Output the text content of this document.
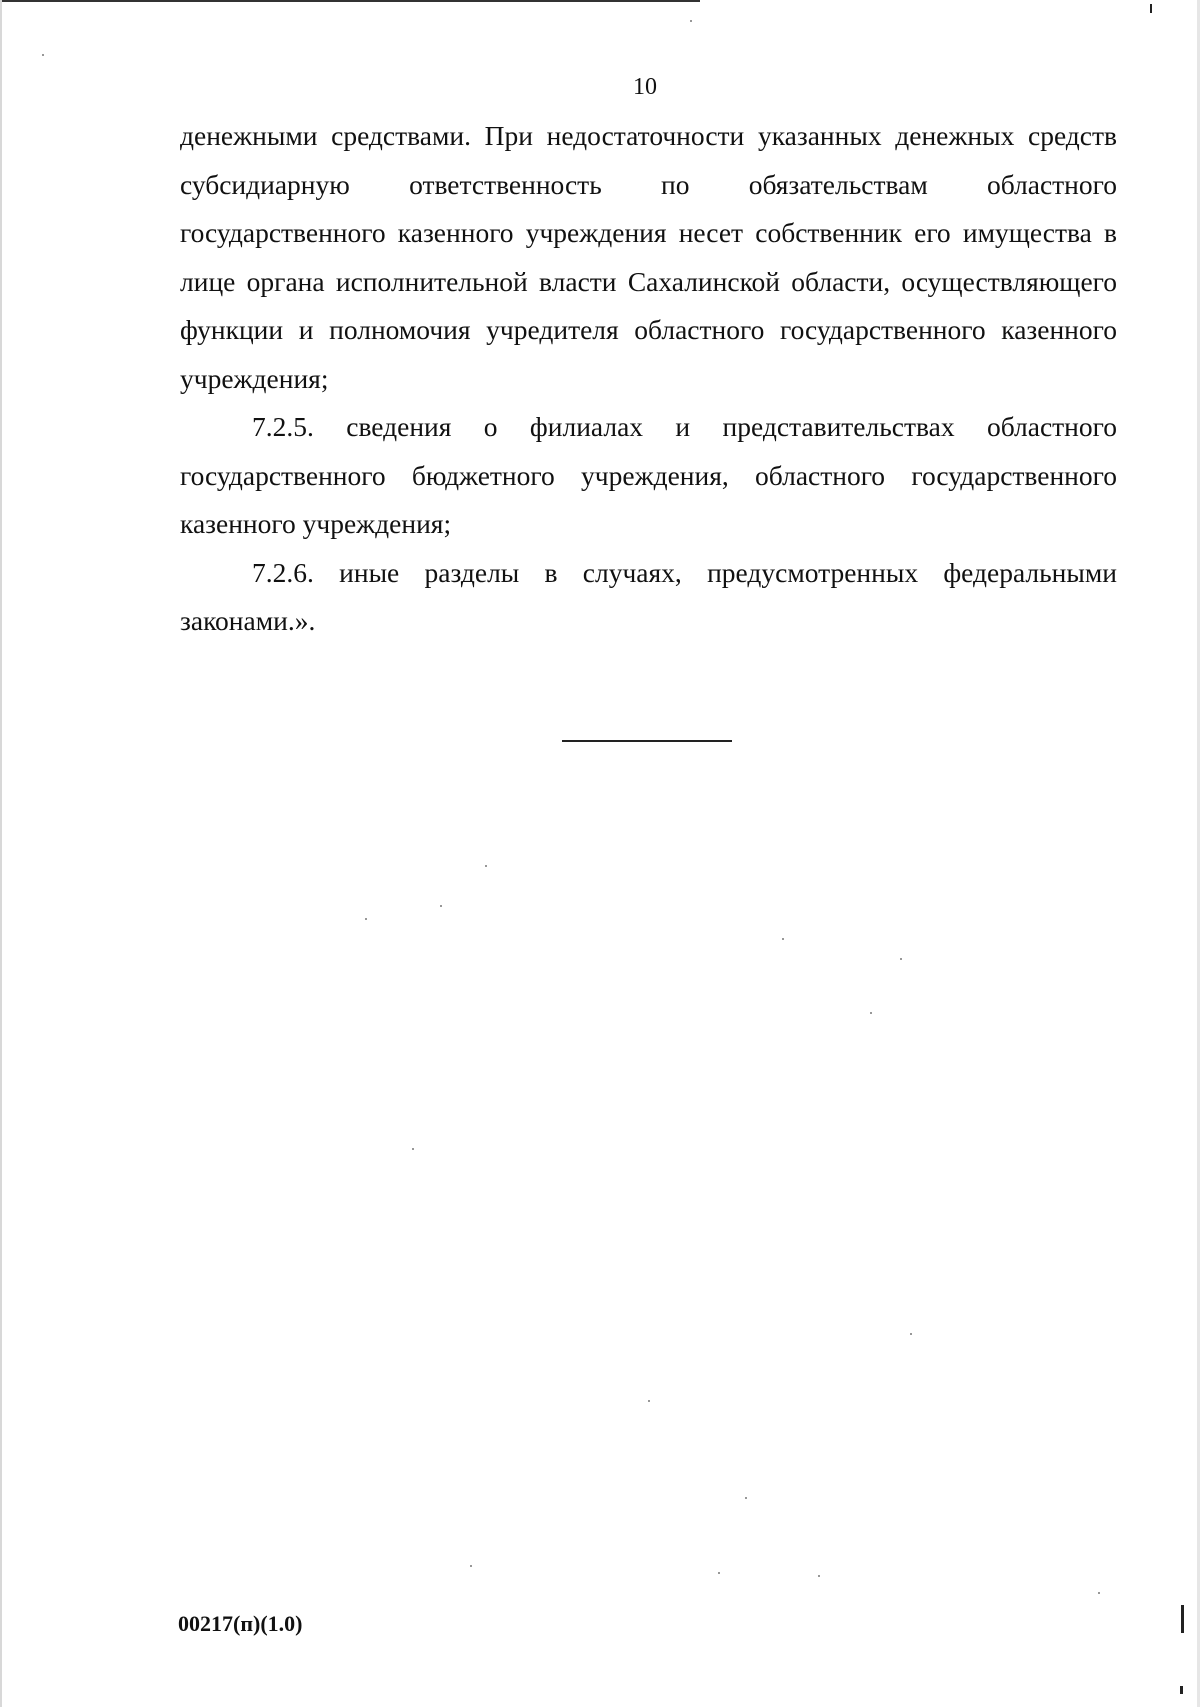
10

денежными средствами. При недостаточности указанных денежных средств субсидиарную ответственность по обязательствам областного государственного казенного учреждения несет собственник его имущества в лице органа исполнительной власти Сахалинской области, осуществляющего функции и полномочия учредителя областного государственного казенного учреждения;

7.2.5. сведения о филиалах и представительствах областного государственного бюджетного учреждения, областного государственного казенного учреждения;

7.2.6. иные разделы в случаях, предусмотренных федеральными законами.».

00217(п)(1.0)
